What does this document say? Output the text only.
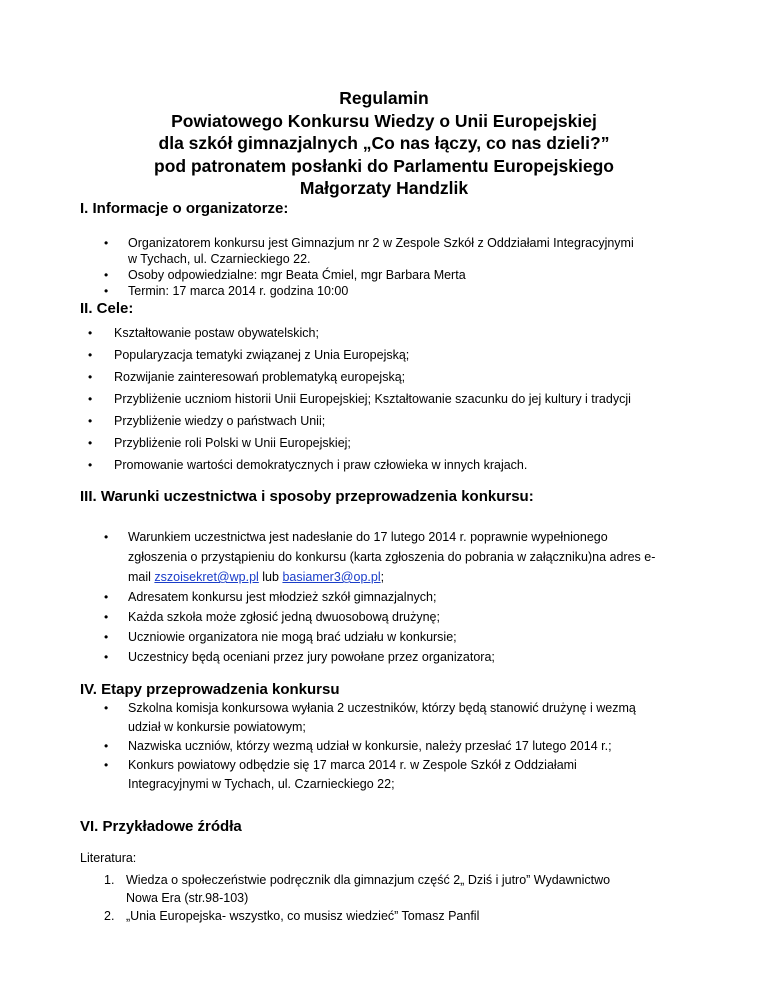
Regulamin
Powiatowego Konkursu Wiedzy o Unii Europejskiej
dla szkół gimnazjalnych „Co nas łączy, co nas dzieli?”
pod patronatem posłanki do Parlamentu Europejskiego
Małgorzaty Handzlik
I. Informacje o organizatorze:
• Organizatorem konkursu jest Gimnazjum nr 2 w Zespole Szkół z Oddziałami Integracyjnymi
w Tychach, ul. Czarnieckiego 22.
• Osoby odpowiedzialne: mgr Beata Ćmiel, mgr Barbara Merta
• Termin: 17 marca 2014 r. godzina 10:00
II. Cele:
• Kształtowanie postaw obywatelskich;
• Popularyzacja tematyki związanej z Unia Europejską;
• Rozwijanie zainteresowań problematyką europejską;
• Przybliżenie uczniom historii Unii Europejskiej; Kształtowanie szacunku do jej kultury i tradycji
• Przybliżenie wiedzy o państwach Unii;
• Przybliżenie roli Polski w Unii Europejskiej;
• Promowanie wartości demokratycznych i praw człowieka w innych krajach.
III. Warunki uczestnictwa i sposoby przeprowadzenia konkursu:
• Warunkiem uczestnictwa jest nadesłanie do 17 lutego 2014 r. poprawnie wypełnionego
zgłoszenia o przystąpieniu do konkursu (karta zgłoszenia do pobrania w załączniku)na adres e-
mail zszoisekret@wp.pl lub basiamer3@op.pl;
• Adresatem konkursu jest młodzież szkół gimnazjalnych;
• Każda szkoła może zgłosić jedną dwuosobową drużynę;
• Uczniowie organizatora nie mogą brać udziału w konkursie;
• Uczestnicy będą oceniani przez jury powołane przez organizatora;
IV. Etapy przeprowadzenia konkursu
• Szkolna komisja konkursowa wyłania 2 uczestników, którzy będą stanowić drużynę i wezmą
udział w konkursie powiatowym;
• Nazwiska uczniów, którzy wezmą udział w konkursie, należy przesłać 17 lutego 2014 r.;
• Konkurs powiatowy odbędzie się 17 marca 2014 r. w Zespole Szkół z Oddziałami
Integracyjnymi w Tychach, ul. Czarnieckiego 22;
VI. Przykładowe źródła
Literatura:
1. Wiedza o społeczeństwie podręcznik dla gimnazjum część 2„ Dziś i jutro” Wydawnictwo
Nowa Era (str.98-103)
2. „Unia Europejska- wszystko, co musisz wiedzieć” Tomasz Panfil
